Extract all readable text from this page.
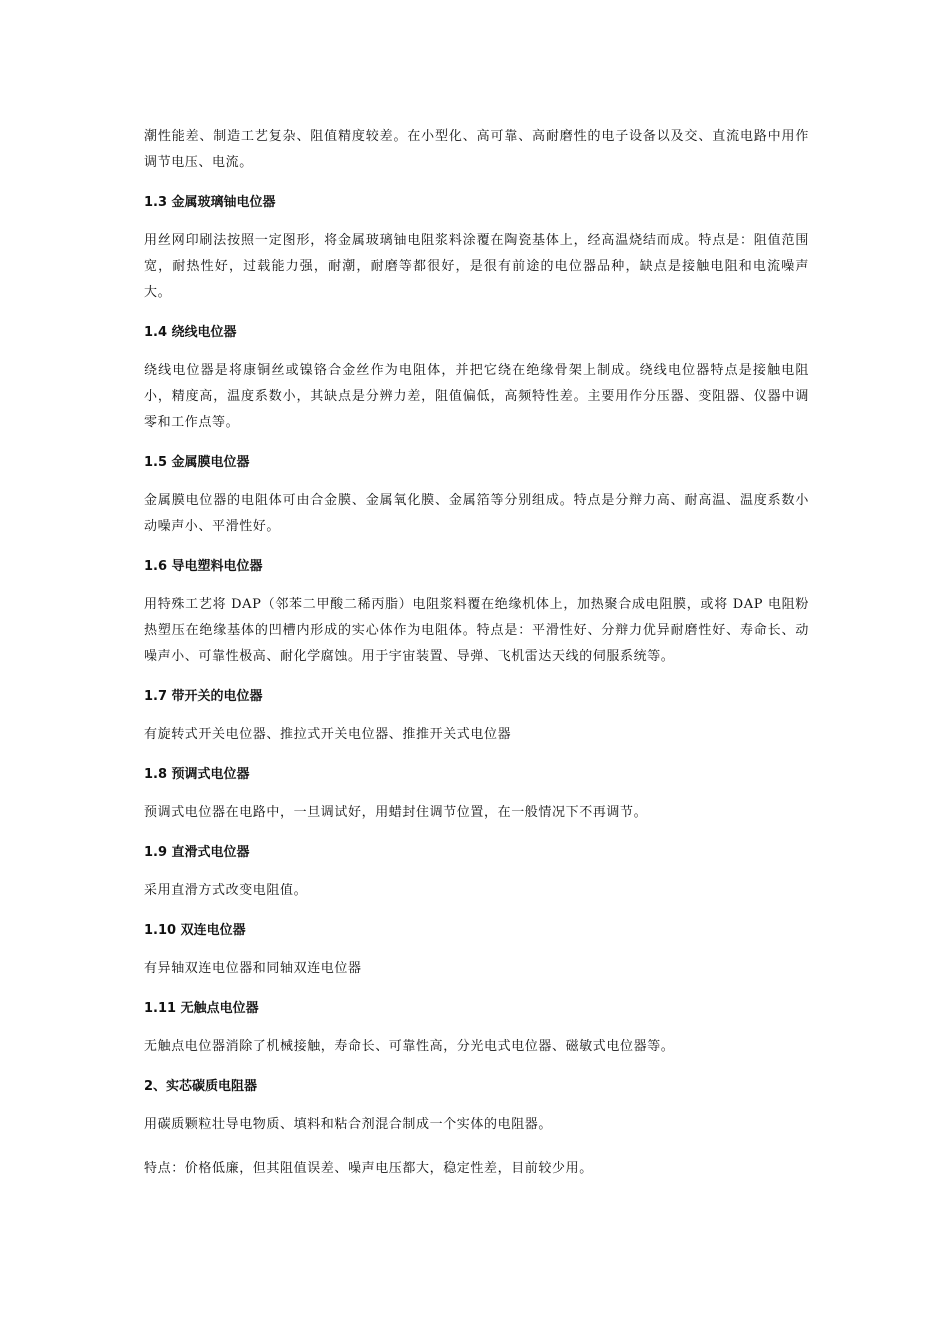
潮性能差、制造工艺复杂、阻值精度较差。在小型化、高可靠、高耐磨性的电子设备以及交、直流电路中用作调节电压、电流。

1.3 金属玻璃铀电位器

用丝网印刷法按照一定图形，将金属玻璃铀电阻浆料涂覆在陶瓷基体上，经高温烧结而成。特点是：阻值范围宽，耐热性好，过载能力强，耐潮，耐磨等都很好，是很有前途的电位器品种，缺点是接触电阻和电流噪声大。

1.4 绕线电位器

绕线电位器是将康铜丝或镍铬合金丝作为电阻体，并把它绕在绝缘骨架上制成。绕线电位器特点是接触电阻小，精度高，温度系数小，其缺点是分辨力差，阻值偏低，高频特性差。主要用作分压器、变阻器、仪器中调零和工作点等。

1.5 金属膜电位器

金属膜电位器的电阻体可由合金膜、金属氧化膜、金属箔等分别组成。特点是分辩力高、耐高温、温度系数小动噪声小、平滑性好。

1.6 导电塑料电位器

用特殊工艺将 DAP（邻苯二甲酸二稀丙脂）电阻浆料覆在绝缘机体上，加热聚合成电阻膜，或将 DAP 电阻粉热塑压在绝缘基体的凹槽内形成的实心体作为电阻体。特点是：平滑性好、分辩力优异耐磨性好、寿命长、动噪声小、可靠性极高、耐化学腐蚀。用于宇宙装置、导弹、飞机雷达天线的伺服系统等。

1.7 带开关的电位器

有旋转式开关电位器、推拉式开关电位器、推推开关式电位器

1.8 预调式电位器

预调式电位器在电路中，一旦调试好，用蜡封住调节位置，在一般情况下不再调节。

1.9 直滑式电位器

采用直滑方式改变电阻值。

1.10 双连电位器

有异轴双连电位器和同轴双连电位器

1.11 无触点电位器

无触点电位器消除了机械接触，寿命长、可靠性高，分光电式电位器、磁敏式电位器等。

2、实芯碳质电阻器

用碳质颗粒壮导电物质、填料和粘合剂混合制成一个实体的电阻器。

特点：价格低廉，但其阻值误差、噪声电压都大，稳定性差，目前较少用。
